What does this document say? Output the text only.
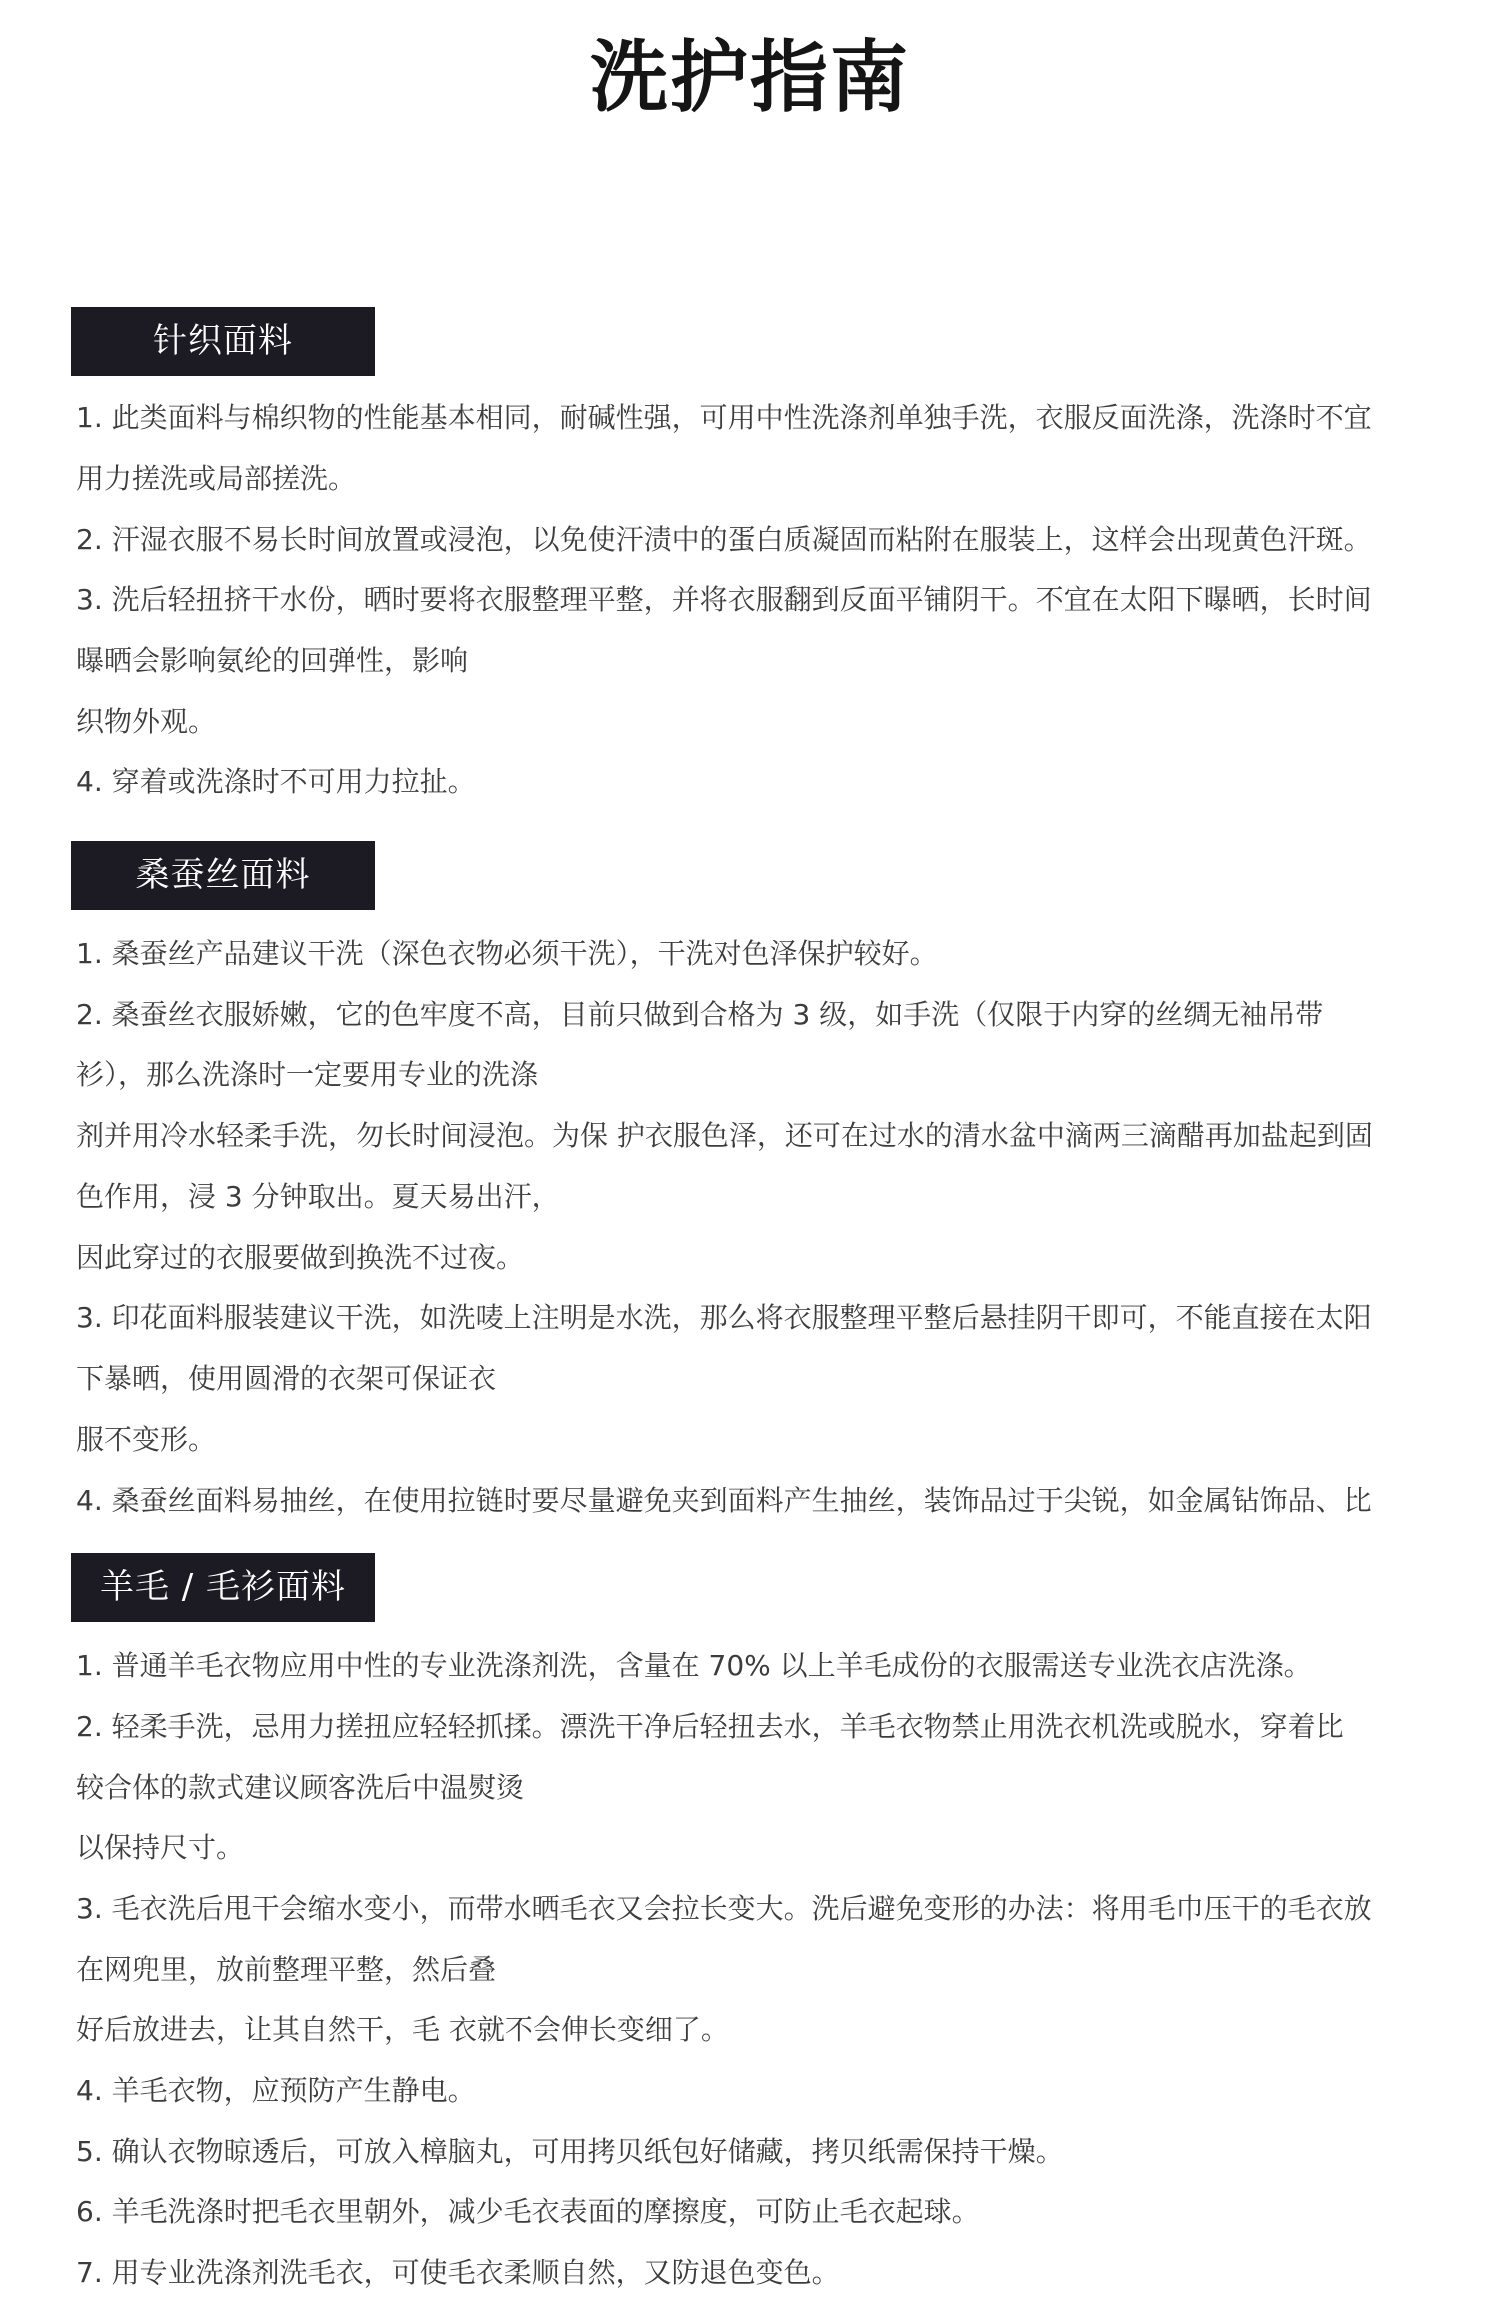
洗护指南
针织面料
1. 此类面料与棉织物的性能基本相同，耐碱性强，可用中性洗涤剂单独手洗，衣服反面洗涤，洗涤时不宜
用力搓洗或局部搓洗。
2. 汗湿衣服不易长时间放置或浸泡，以免使汗渍中的蛋白质凝固而粘附在服装上，这样会出现黄色汗斑。
3. 洗后轻扭挤干水份，晒时要将衣服整理平整，并将衣服翻到反面平铺阴干。不宜在太阳下曝晒，长时间
曝晒会影响氨纶的回弹性，影响
织物外观。
4. 穿着或洗涤时不可用力拉扯。
桑蚕丝面料
1. 桑蚕丝产品建议干洗（深色衣物必须干洗），干洗对色泽保护较好。
2. 桑蚕丝衣服娇嫩，它的色牢度不高，目前只做到合格为 3 级，如手洗（仅限于内穿的丝绸无袖吊带
衫），那么洗涤时一定要用专业的洗涤
剂并用冷水轻柔手洗，勿长时间浸泡。为保 护衣服色泽，还可在过水的清水盆中滴两三滴醋再加盐起到固
色作用，浸 3 分钟取出。夏天易出汗，
因此穿过的衣服要做到换洗不过夜。
3. 印花面料服装建议干洗，如洗唛上注明是水洗，那么将衣服整理平整后悬挂阴干即可，不能直接在太阳
下暴晒，使用圆滑的衣架可保证衣
服不变形。
4. 桑蚕丝面料易抽丝，在使用拉链时要尽量避免夹到面料产生抽丝，装饰品过于尖锐，如金属钻饰品、比
羊毛 / 毛衫面料
1. 普通羊毛衣物应用中性的专业洗涤剂洗，含量在 70% 以上羊毛成份的衣服需送专业洗衣店洗涤。
2. 轻柔手洗，忌用力搓扭应轻轻抓揉。漂洗干净后轻扭去水，羊毛衣物禁止用洗衣机洗或脱水，穿着比
较合体的款式建议顾客洗后中温熨烫
以保持尺寸。
3. 毛衣洗后甩干会缩水变小，而带水晒毛衣又会拉长变大。洗后避免变形的办法：将用毛巾压干的毛衣放
在网兜里，放前整理平整，然后叠
好后放进去，让其自然干，毛 衣就不会伸长变细了。
4. 羊毛衣物，应预防产生静电。
5. 确认衣物晾透后，可放入樟脑丸，可用拷贝纸包好储藏，拷贝纸需保持干燥。
6. 羊毛洗涤时把毛衣里朝外，减少毛衣表面的摩擦度，可防止毛衣起球。
7. 用专业洗涤剂洗毛衣，可使毛衣柔顺自然，又防退色变色。
